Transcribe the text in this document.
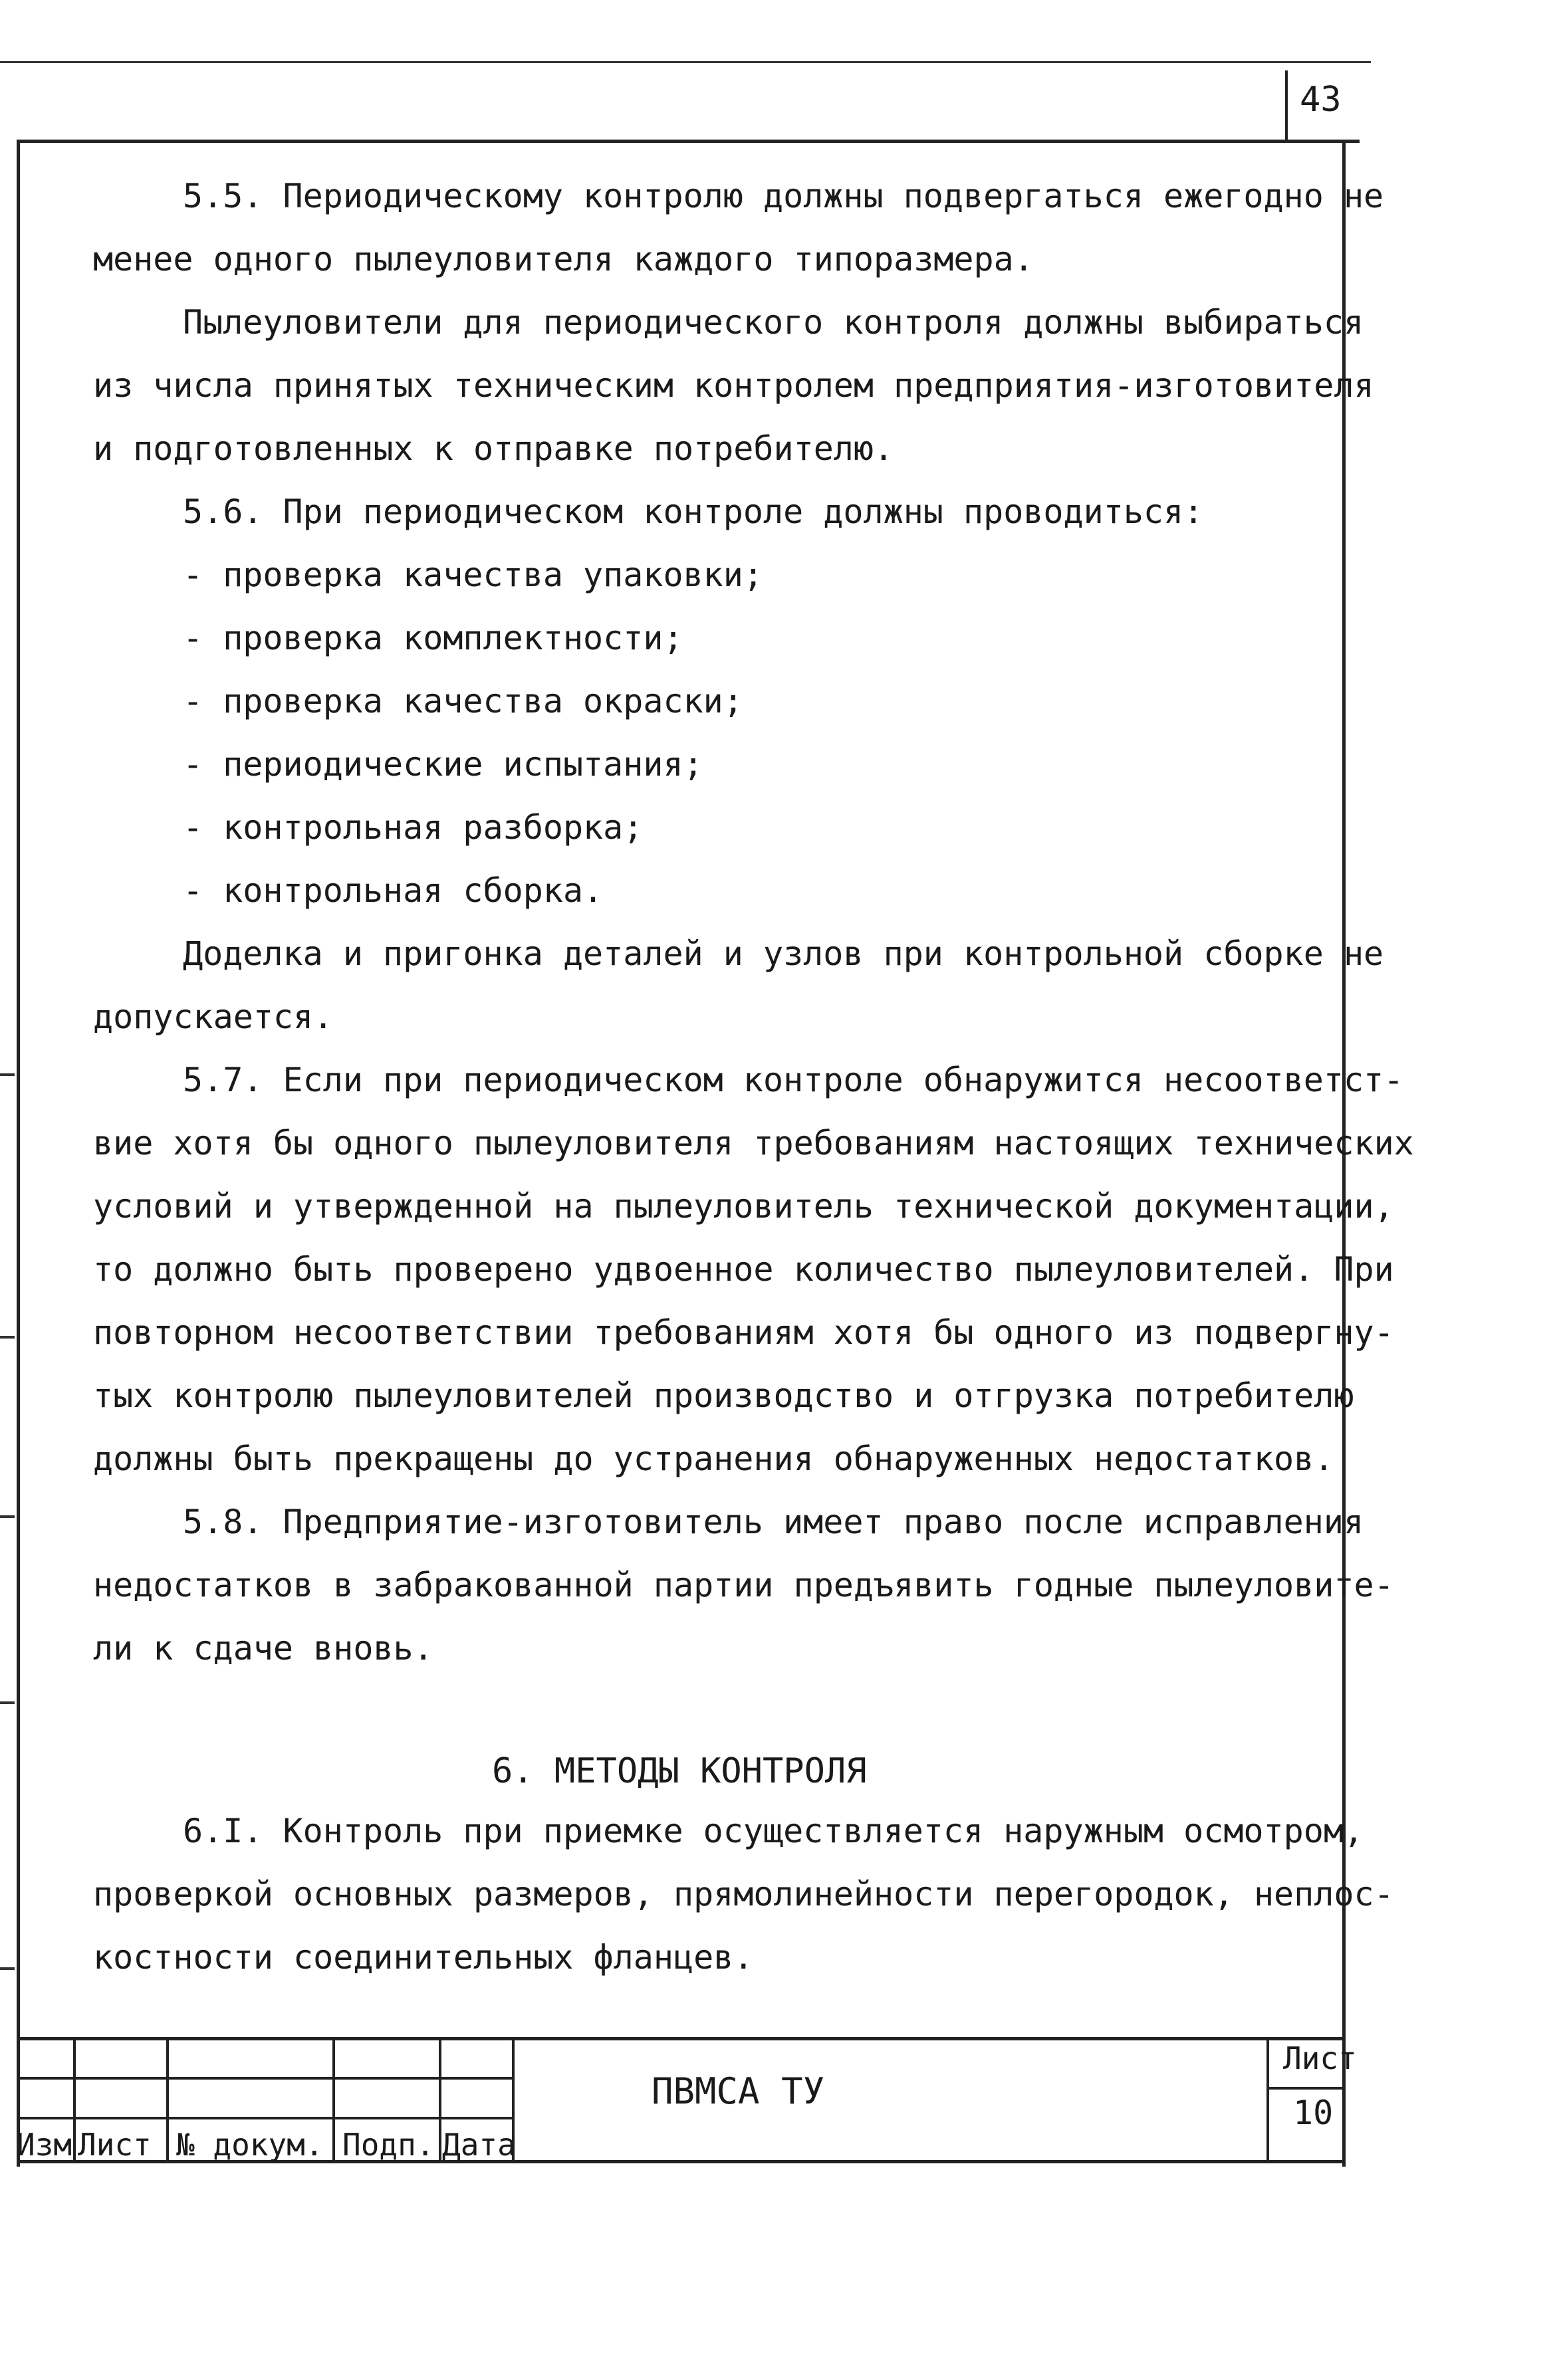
43
5.5. Периодическому контролю должны подвергаться ежегодно не
менее одного пылеуловителя каждого типоразмера.
Пылеуловители для периодического контроля должны выбираться
из числа принятых техническим контролем предприятия-изготовителя
и подготовленных к отправке потребителю.
5.6. При периодическом контроле должны проводиться:
- проверка качества упаковки;
- проверка комплектности;
- проверка качества окраски;
- периодические испытания;
- контрольная разборка;
- контрольная сборка.
Доделка и пригонка деталей и узлов при контрольной сборке не
допускается.
5.7. Если при периодическом контроле обнаружится несоответст-
вие хотя бы одного пылеуловителя требованиям настоящих технических
условий и утвержденной на пылеуловитель технической документации,
то должно быть проверено удвоенное количество пылеуловителей. При
повторном несоответствии требованиям хотя бы одного из подвергну-
тых контролю пылеуловителей производство и отгрузка потребителю
должны быть прекращены до устранения обнаруженных недостатков.
5.8. Предприятие-изготовитель имеет право после исправления
недостатков в забракованной партии предъявить годные пылеуловите-
ли к сдаче вновь.
6. МЕТОДЫ КОНТРОЛЯ
6.I. Контроль при приемке осуществляется наружным осмотром,
проверкой основных размеров, прямолинейности перегородок, неплос-
костности соединительных фланцев.
Изм Лист № докум. Подп. Дата
ПВМСА ТУ
Лист
10
